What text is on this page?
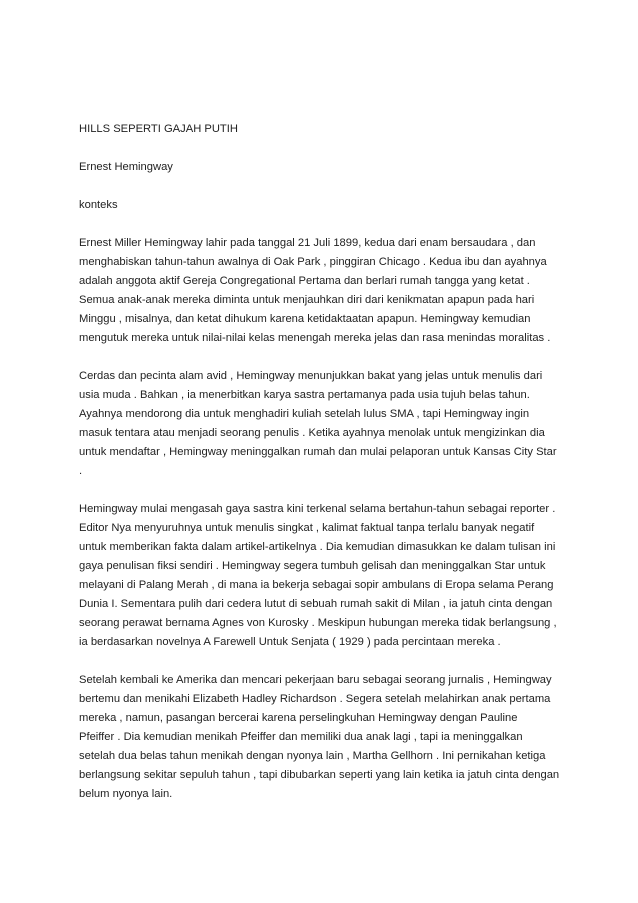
HILLS SEPERTI GAJAH PUTIH
Ernest Hemingway
konteks
Ernest Miller Hemingway lahir pada tanggal 21 Juli 1899, kedua dari enam bersaudara , dan
menghabiskan tahun-tahun awalnya di Oak Park , pinggiran Chicago . Kedua ibu dan ayahnya
adalah anggota aktif Gereja Congregational Pertama dan berlari rumah tangga yang ketat .
Semua anak-anak mereka diminta untuk menjauhkan diri dari kenikmatan apapun pada hari
Minggu , misalnya, dan ketat dihukum karena ketidaktaatan apapun. Hemingway kemudian
mengutuk mereka untuk nilai-nilai kelas menengah mereka jelas dan rasa menindas moralitas .
Cerdas dan pecinta alam avid , Hemingway menunjukkan bakat yang jelas untuk menulis dari
usia muda . Bahkan , ia menerbitkan karya sastra pertamanya pada usia tujuh belas tahun.
Ayahnya mendorong dia untuk menghadiri kuliah setelah lulus SMA , tapi Hemingway ingin
masuk tentara atau menjadi seorang penulis . Ketika ayahnya menolak untuk mengizinkan dia
untuk mendaftar , Hemingway meninggalkan rumah dan mulai pelaporan untuk Kansas City Star
.
Hemingway mulai mengasah gaya sastra kini terkenal selama bertahun-tahun sebagai reporter .
Editor Nya menyuruhnya untuk menulis singkat , kalimat faktual tanpa terlalu banyak negatif
untuk memberikan fakta dalam artikel-artikelnya . Dia kemudian dimasukkan ke dalam tulisan ini
gaya penulisan fiksi sendiri . Hemingway segera tumbuh gelisah dan meninggalkan Star untuk
melayani di Palang Merah , di mana ia bekerja sebagai sopir ambulans di Eropa selama Perang
Dunia I. Sementara pulih dari cedera lutut di sebuah rumah sakit di Milan , ia jatuh cinta dengan
seorang perawat bernama Agnes von Kurosky . Meskipun hubungan mereka tidak berlangsung ,
ia berdasarkan novelnya A Farewell Untuk Senjata ( 1929 ) pada percintaan mereka .
Setelah kembali ke Amerika dan mencari pekerjaan baru sebagai seorang jurnalis , Hemingway
bertemu dan menikahi Elizabeth Hadley Richardson . Segera setelah melahirkan anak pertama
mereka , namun, pasangan bercerai karena perselingkuhan Hemingway dengan Pauline
Pfeiffer . Dia kemudian menikah Pfeiffer dan memiliki dua anak lagi , tapi ia meninggalkan
setelah dua belas tahun menikah dengan nyonya lain , Martha Gellhorn . Ini pernikahan ketiga
berlangsung sekitar sepuluh tahun , tapi dibubarkan seperti yang lain ketika ia jatuh cinta dengan
belum nyonya lain.
